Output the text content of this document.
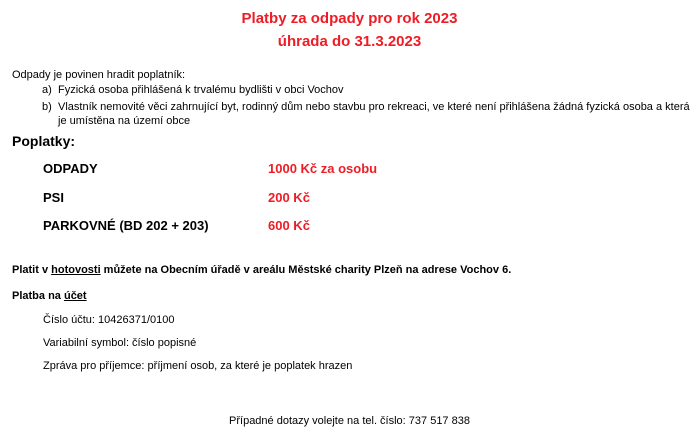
Platby za odpady pro rok 2023
úhrada do 31.3.2023
Odpady je povinen hradit poplatník:
a) Fyzická osoba přihlášená k trvalému bydlišti v obci Vochov
b) Vlastník nemovité věci zahrnující byt, rodinný dům nebo stavbu pro rekreaci, ve které není přihlášena žádná fyzická osoba a která je umístěna na území obce
Poplatky:
ODPADY	1000 Kč za osobu
PSI	200 Kč
PARKOVNÉ (BD 202 + 203)	600 Kč
Platit v hotovosti můžete na Obecním úřadě v areálu Městské charity Plzeň na adrese Vochov 6.
Platba na účet
Číslo účtu: 10426371/0100
Variabilní symbol: číslo popisné
Zpráva pro příjemce: příjmení osob, za které je poplatek hrazen
Případné dotazy volejte na tel. číslo: 737 517 838
